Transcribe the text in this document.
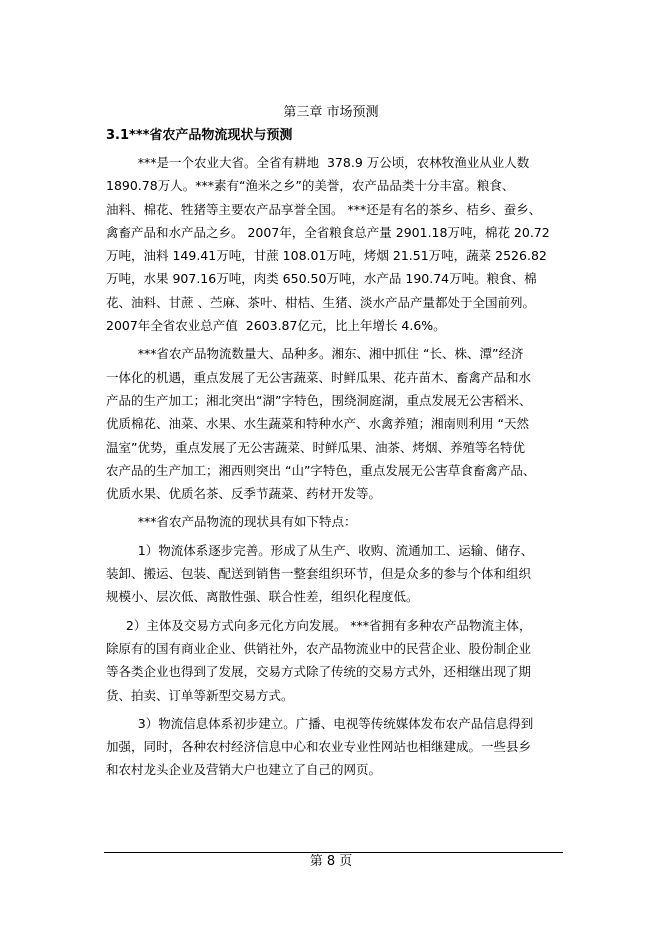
第三章 市场预测
3.1***省农产品物流现状与预测
***是一个农业大省。全省有耕地  378.9 万公顷，农林牧渔业从业人数
1890.78万人。***素有“渔米之乡”的美誉，农产品品类十分丰富。粮食、
油料、棉花、牲猪等主要农产品享誉全国。 ***还是有名的茶乡、桔乡、蚕乡、
禽畜产品和水产品之乡。 2007年，全省粮食总产量 2901.18万吨，棉花 20.72
万吨，油料 149.41万吨，甘蔗 108.01万吨，烤烟 21.51万吨，蔬菜 2526.82
万吨，水果 907.16万吨，肉类 650.50万吨，水产品 190.74万吨。粮食、棉
花、油料、甘蔗 、苎麻、茶叶、柑桔、生猪、淡水产品产量都处于全国前列。
2007年全省农业总产值  2603.87亿元，比上年增长 4.6%。
***省农产品物流数量大、品种多。湘东、湘中抓住 “长、株、潭”经济
一体化的机遇，重点发展了无公害蔬菜、时鲜瓜果、花卉苗木、畜禽产品和水
产品的生产加工；湘北突出“湖”字特色，围绕洞庭湖，重点发展无公害稻米、
优质棉花、油菜、水果、水生蔬菜和特种水产、水禽养殖；湘南则利用 “天然
温室”优势，重点发展了无公害蔬菜、时鲜瓜果、油茶、烤烟、养殖等名特优
农产品的生产加工；湘西则突出 “山”字特色，重点发展无公害草食畜禽产品、
优质水果、优质名茶、反季节蔬菜、药材开发等。
***省农产品物流的现状具有如下特点：
1）物流体系逐步完善。形成了从生产、收购、流通加工、运输、储存、
装卸、搬运、包装、配送到销售一整套组织环节，但是众多的参与个体和组织
规模小、层次低、离散性强、联合性差，组织化程度低。
2）主体及交易方式向多元化方向发展。 ***省拥有多种农产品物流主体，
除原有的国有商业企业、供销社外，农产品物流业中的民营企业、股份制企业
等各类企业也得到了发展，交易方式除了传统的交易方式外，还相继出现了期
货、拍卖、订单等新型交易方式。
3）物流信息体系初步建立。广播、电视等传统媒体发布农产品信息得到
加强，同时，各种农村经济信息中心和农业专业性网站也相继建成。一些县乡
和农村龙头企业及营销大户也建立了自己的网页。
第 8 页
